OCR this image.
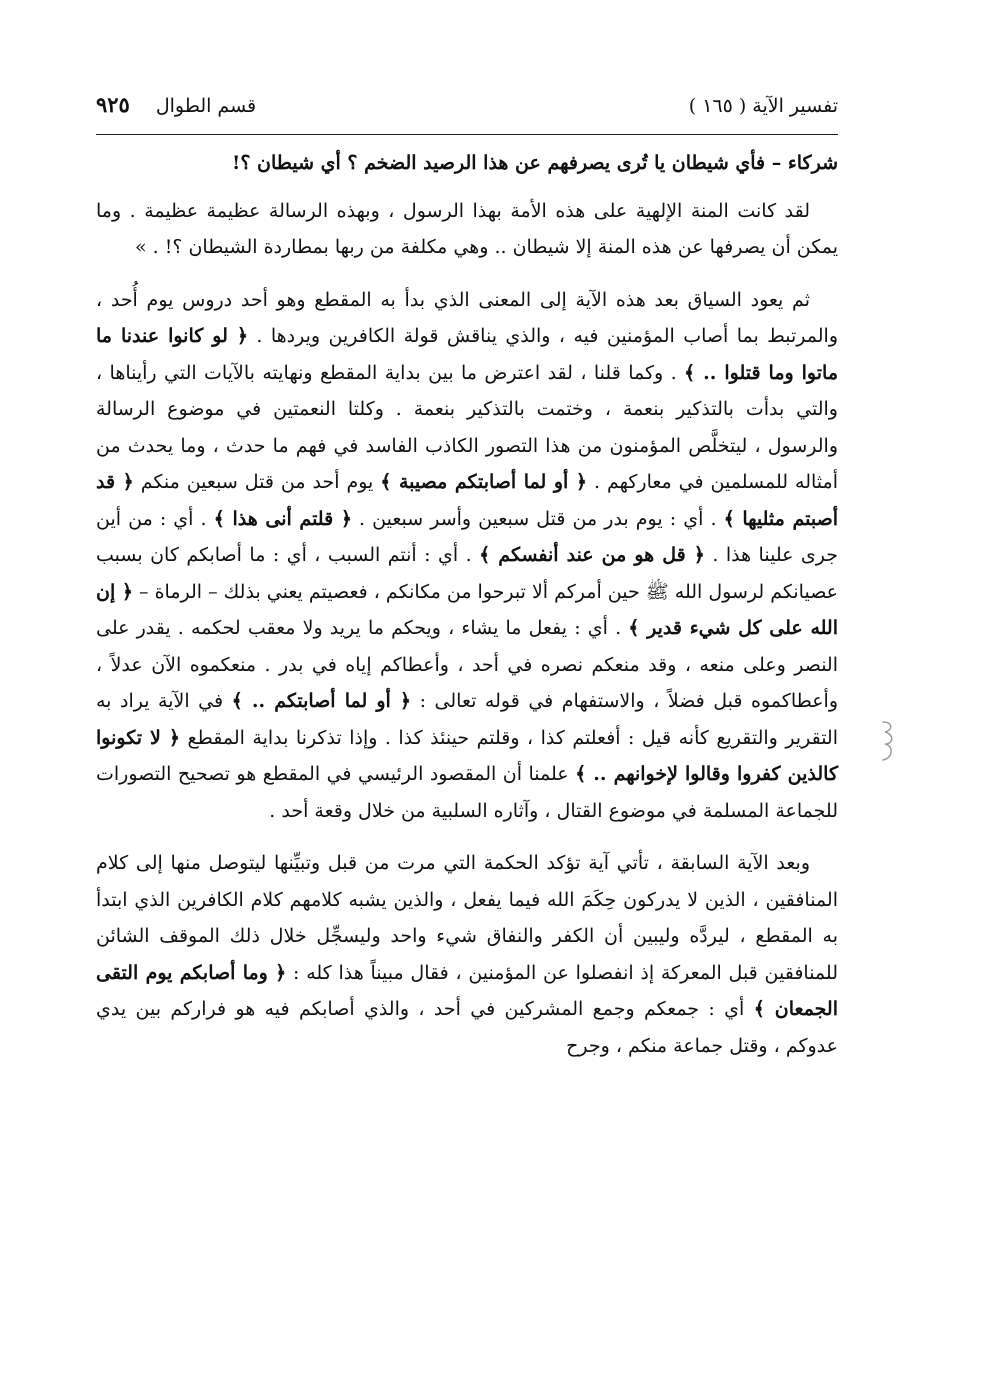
تفسير الآية ( ١٦٥ )
قسم الطوال
٩٢٥

شركاء – فأي شيطان يا تُرى يصرفهم عن هذا الرصيد الضخم ؟ أي شيطان ؟!

لقد كانت المنة الإلهية على هذه الأمة بهذا الرسول ، وبهذه الرسالة عظيمة عظيمة . وما يمكن أن يصرفها عن هذه المنة إلا شيطان .. وهي مكلفة من ربها بمطاردة الشيطان ؟! . »

ثم يعود السياق بعد هذه الآية إلى المعنى الذي بدأ به المقطع وهو أحد دروس يوم أُحد ، والمرتبط بما أصاب المؤمنين فيه ، والذي يناقش قولة الكافرين ويردها . ﴿ لو كانوا عندنا ما ماتوا وما قتلوا .. ﴾ . وكما قلنا ، لقد اعترض ما بين بداية المقطع ونهايته بالآيات التي رأيناها ، والتي بدأت بالتذكير بنعمة ، وختمت بالتذكير بنعمة . وكلتا النعمتين في موضوع الرسالة والرسول ، ليتخلَّص المؤمنون من هذا التصور الكاذب الفاسد في فهم ما حدث ، وما يحدث من أمثاله للمسلمين في معاركهم . ﴿ أو لما أصابتكم مصيبة ﴾ يوم أحد من قتل سبعين منكم ﴿ قد أصبتم مثليها ﴾ . أي : يوم بدر من قتل سبعين وأسر سبعين . ﴿ قلتم أنى هذا ﴾ . أي : من أين جرى علينا هذا . ﴿ قل هو من عند أنفسكم ﴾ . أي : أنتم السبب ، أي : ما أصابكم كان بسبب عصيانكم لرسول الله ﷺ حين أمركم ألا تبرحوا من مكانكم ، فعصيتم يعني بذلك – الرماة – ﴿ إن الله على كل شيء قدير ﴾ . أي : يفعل ما يشاء ، ويحكم ما يريد ولا معقب لحكمه . يقدر على النصر وعلى منعه ، وقد منعكم نصره في أحد ، وأعطاكم إياه في بدر . منعكموه الآن عدلاً ، وأعطاكموه قبل فضلاً ، والاستفهام في قوله تعالى : ﴿ أو لما أصابتكم .. ﴾ في الآية يراد به التقرير والتقريع كأنه قيل : أفعلتم كذا ، وقلتم حينئذ كذا . وإذا تذكرنا بداية المقطع ﴿ لا تكونوا كالذين كفروا وقالوا لإخوانهم .. ﴾ علمنا أن المقصود الرئيسي في المقطع هو تصحيح التصورات للجماعة المسلمة في موضوع القتال ، وآثاره السلبية من خلال وقعة أحد .

وبعد الآية السابقة ، تأتي آية تؤكد الحكمة التي مرت من قبل وتبيِّنها ليتوصل منها إلى كلام المنافقين ، الذين لا يدركون حِكَمَ الله فيما يفعل ، والذين يشبه كلامهم كلام الكافرين الذي ابتدأ به المقطع ، ليردَّه وليبين أن الكفر والنفاق شيء واحد وليسجِّل خلال ذلك الموقف الشائن للمنافقين قبل المعركة إذ انفصلوا عن المؤمنين ، فقال مبيناً هذا كله : ﴿ وما أصابكم يوم التقى الجمعان ﴾ أي : جمعكم وجمع المشركين في أحد ، والذي أصابكم فيه هو فراركم بين يدي عدوكم ، وقتل جماعة منكم ، وجرح
